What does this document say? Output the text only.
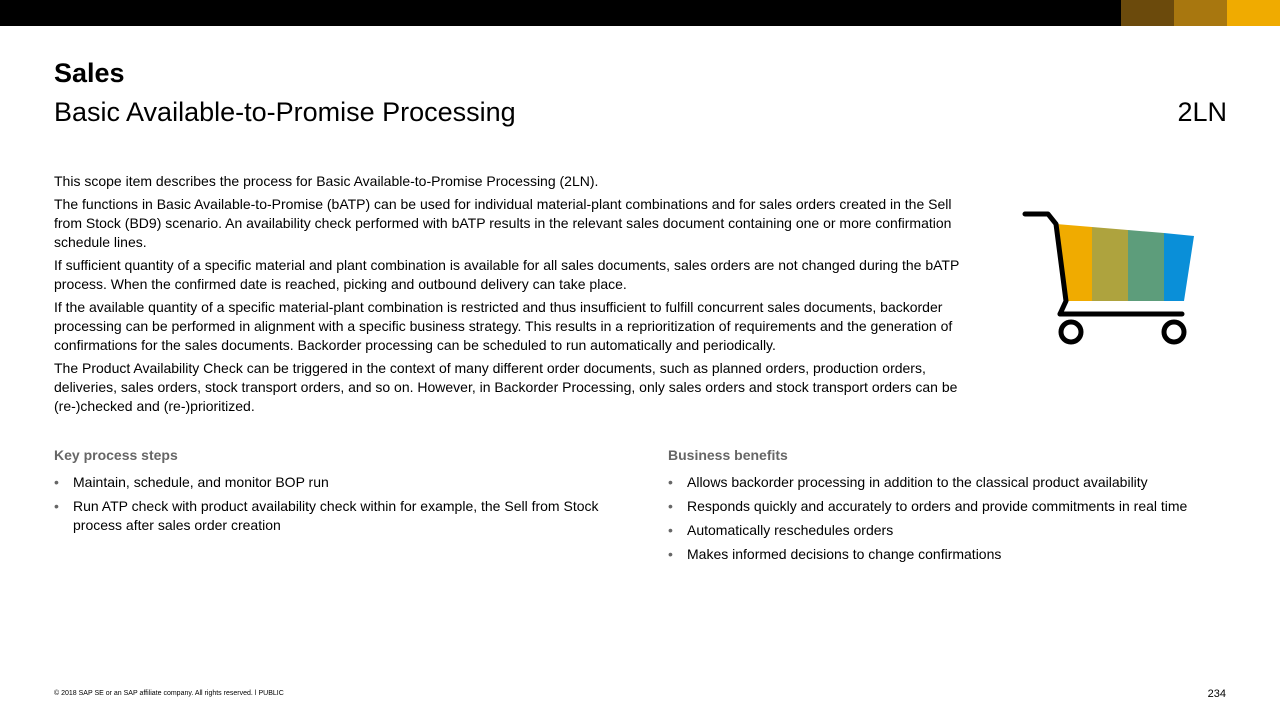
Sales
Basic Available-to-Promise Processing	2LN

This scope item describes the process for Basic Available-to-Promise Processing (2LN).

The functions in Basic Available-to-Promise (bATP) can be used for individual material-plant combinations and for sales orders created in the Sell from Stock (BD9) scenario. An availability check performed with bATP results in the relevant sales document containing one or more confirmation schedule lines.

If sufficient quantity of a specific material and plant combination is available for all sales documents, sales orders are not changed during the bATP process. When the confirmed date is reached, picking and outbound delivery can take place.

If the available quantity of a specific material-plant combination is restricted and thus insufficient to fulfill concurrent sales documents, backorder processing can be performed in alignment with a specific business strategy. This results in a reprioritization of requirements and the generation of confirmations for the sales documents. Backorder processing can be scheduled to run automatically and periodically.

The Product Availability Check can be triggered in the context of many different order documents, such as planned orders, production orders, deliveries, sales orders, stock transport orders, and so on. However, in Backorder Processing, only sales orders and stock transport orders can be (re-)checked and (re-)prioritized.

Key process steps
• Maintain, schedule, and monitor BOP run
• Run ATP check with product availability check within for example, the Sell from Stock process after sales order creation
Business benefits
• Allows backorder processing in addition to the classical product availability
• Responds quickly and accurately to orders and provide commitments in real time
• Automatically reschedules orders
• Makes informed decisions to change confirmations
© 2018 SAP SE or an SAP affiliate company. All rights reserved. ǀ PUBLIC	234
